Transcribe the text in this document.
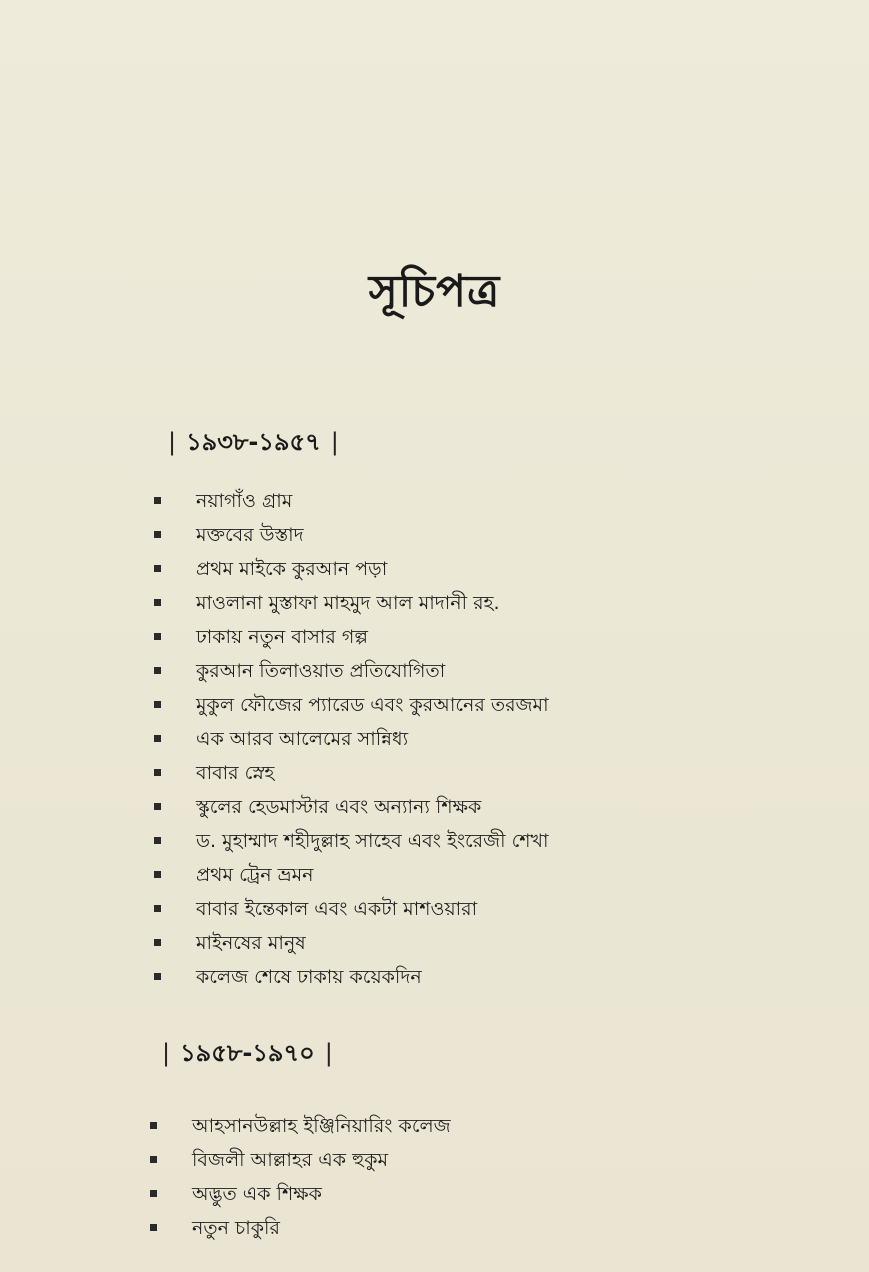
সূচিপত্র
| ১৯৩৮-১৯৫৭ |
নয়াগাঁও গ্রাম
মক্তবের উস্তাদ
প্রথম মাইকে কুরআন পড়া
মাওলানা মুস্তাফা মাহমুদ আল মাদানী রহ.
ঢাকায় নতুন বাসার গল্প
কুরআন তিলাওয়াত প্রতিযোগিতা
মুকুল ফৌজের প্যারেড এবং কুরআনের তরজমা
এক আরব আলেমের সান্নিধ্য
বাবার স্নেহ
স্কুলের হেডমাস্টার এবং অন্যান্য শিক্ষক
ড. মুহাম্মাদ শহীদুল্লাহ সাহেব এবং ইংরেজী শেখা
প্রথম ট্রেন ভ্রমন
বাবার ইন্তেকাল এবং একটা মাশওয়ারা
মাইনষের মানুষ
কলেজ শেষে ঢাকায় কয়েকদিন
| ১৯৫৮-১৯৭০ |
আহসানউল্লাহ ইঞ্জিনিয়ারিং কলেজ
বিজলী আল্লাহর এক হুকুম
অদ্ভুত এক শিক্ষক
নতুন চাকুরি
